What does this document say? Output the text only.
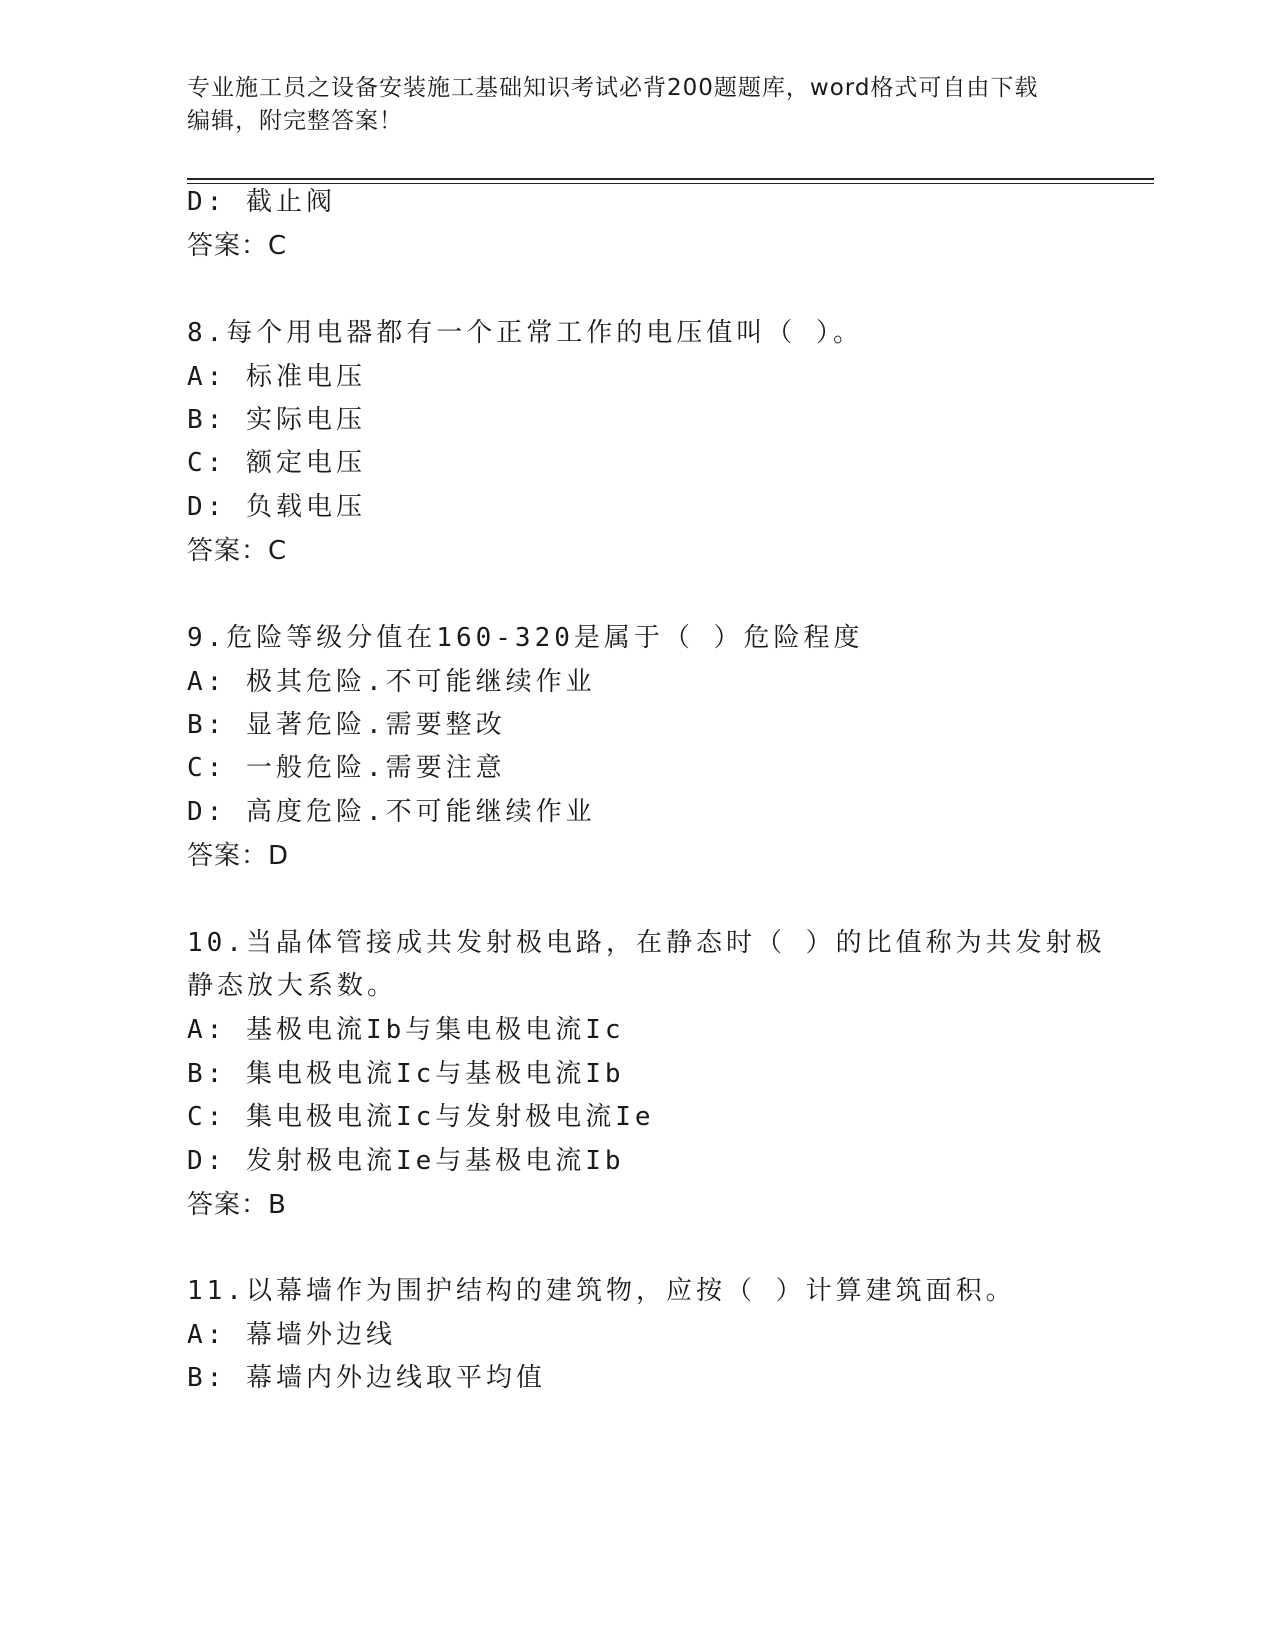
专业施工员之设备安装施工基础知识考试必背200题题库，word格式可自由下载
编辑，附完整答案！
D: 截止阀
答案：C
8.每个用电器都有一个正常工作的电压值叫（ ）。
A: 标准电压
B: 实际电压
C: 额定电压
D: 负载电压
答案：C
9.危险等级分值在160-320是属于（ ）危险程度
A: 极其危险.不可能继续作业
B: 显著危险.需要整改
C: 一般危险.需要注意
D: 高度危险.不可能继续作业
答案：D
10.当晶体管接成共发射极电路，在静态时（ ）的比值称为共发射极
静态放大系数。
A: 基极电流Ib与集电极电流Ic
B: 集电极电流Ic与基极电流Ib
C: 集电极电流Ic与发射极电流Ie
D: 发射极电流Ie与基极电流Ib
答案：B
11.以幕墙作为围护结构的建筑物，应按（ ）计算建筑面积。
A: 幕墙外边线
B: 幕墙内外边线取平均值
